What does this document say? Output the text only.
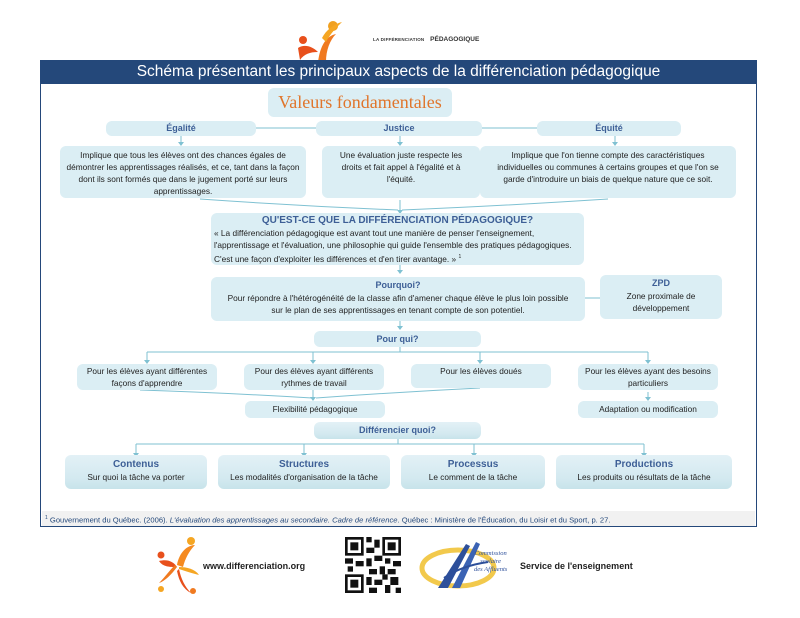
LA DIFFÉRENCIATION PÉDAGOGIQUE
Schéma présentant les principaux aspects de la différenciation pédagogique
Valeurs fondamentales
Égalité	Justice	Équité
Implique que tous les élèves ont des chances égales de démontrer les apprentissages réalisés, et ce, tant dans la façon dont ils sont formés que dans le jugement porté sur leurs apprentissages.
Une évaluation juste respecte les droits et fait appel à l'égalité et à l'équité.
Implique que l'on tienne compte des caractéristiques individuelles ou communes à certains groupes et que l'on se garde d'introduire un biais de quelque nature que ce soit.
QU'EST-CE QUE LA DIFFÉRENCIATION PÉDAGOGIQUE?
« La différenciation pédagogique est avant tout une manière de penser l'enseignement, l'apprentissage et l'évaluation, une philosophie qui guide l'ensemble des pratiques pédagogiques. C'est une façon d'exploiter les différences et d'en tirer avantage. » $^1$
Pourquoi?
Pour répondre à l'hétérogénéité de la classe afin d'amener chaque élève le plus loin possible sur le plan de ses apprentissages en tenant compte de son potentiel.
ZPD
Zone proximale de développement
Pour qui?
Pour les élèves ayant différentes façons d'apprendre
Pour des élèves ayant différents rythmes de travail
Pour les élèves doués	Pour les élèves ayant des besoins particuliers
Flexibilité pédagogique	Adaptation ou modification
Différencier quoi?
Contenus
Sur quoi la tâche va porter
Structures
Les modalités d'organisation de la tâche
Processus
Le comment de la tâche
Productions
Les produits ou résultats de la tâche
$^1$ Gouvernement du Québec. (2006). L'évaluation des apprentissages au secondaire. Cadre de référence. Québec : Ministère de l'Éducation, du Loisir et du Sport, p. 27.
www.differenciation.org
Commission
scolaire
des Affluents Service de l'enseignement
